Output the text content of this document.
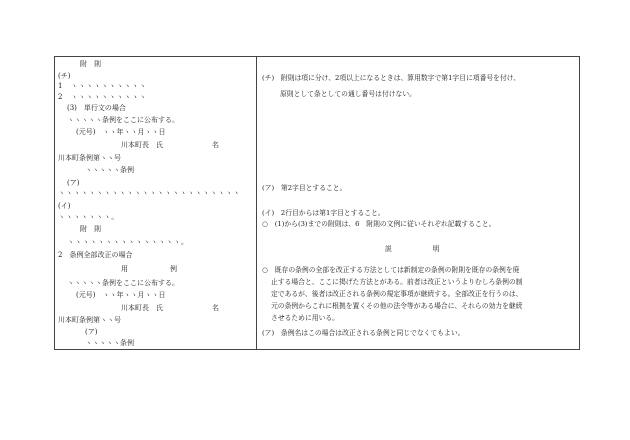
附　則
(チ)
1　ヽヽヽヽヽヽヽヽヽヽ
2　ヽヽヽヽヽヽヽヽヽヽ
(3)　単行文の場合
ヽヽヽヽヽ条例をここに公布する。
(元号)　ヽヽ年ヽヽ月ヽヽ日
川本町長　氏　　　　　　　名
川本町条例第ヽヽ号
ヽヽヽヽヽ条例
(ア)
ヽヽヽヽヽヽヽヽヽヽヽヽヽヽヽヽヽヽヽヽヽヽヽヽ
(イ)
ヽヽヽヽヽヽヽ。
附　則
ヽヽヽヽヽヽヽヽヽヽヽヽヽヽヽ。
2　条例全部改正の場合
用　　　　　　例
ヽヽヽヽヽ条例をここに公布する。
(元号)　ヽヽ年ヽヽ月ヽヽ日
川本町長　氏　　　　　　　名
川本町条例第ヽヽ号
(ア)
ヽヽヽヽヽ条例
(チ)　附則は項に分け、2項以上になるときは、算用数字で第1字目に項番号を付け、
原則として条としての通し番号は付けない。
(ア)　第2字目とすること。
(イ)　2行目からは第1字目とすること。
○　(1)から(3)までの附則は、6　附則の文例に従いそれぞれ記載すること。
説　　　　　　明
○　既存の条例の全部を改正する方法としては新制定の条例の附則を既存の条例を廃
止する場合と、ここに掲げた方法とがある。前者は改正というよりむしろ条例の制
定であるが、後者は改正される条例の規定事項が継続する。全部改正を行うのは、
元の条例からこれに根拠を置くその他の法令等がある場合に、それらの効力を継続
させるために用いる。
(ア)　条例名はこの場合は改正される条例と同じでなくてもよい。
